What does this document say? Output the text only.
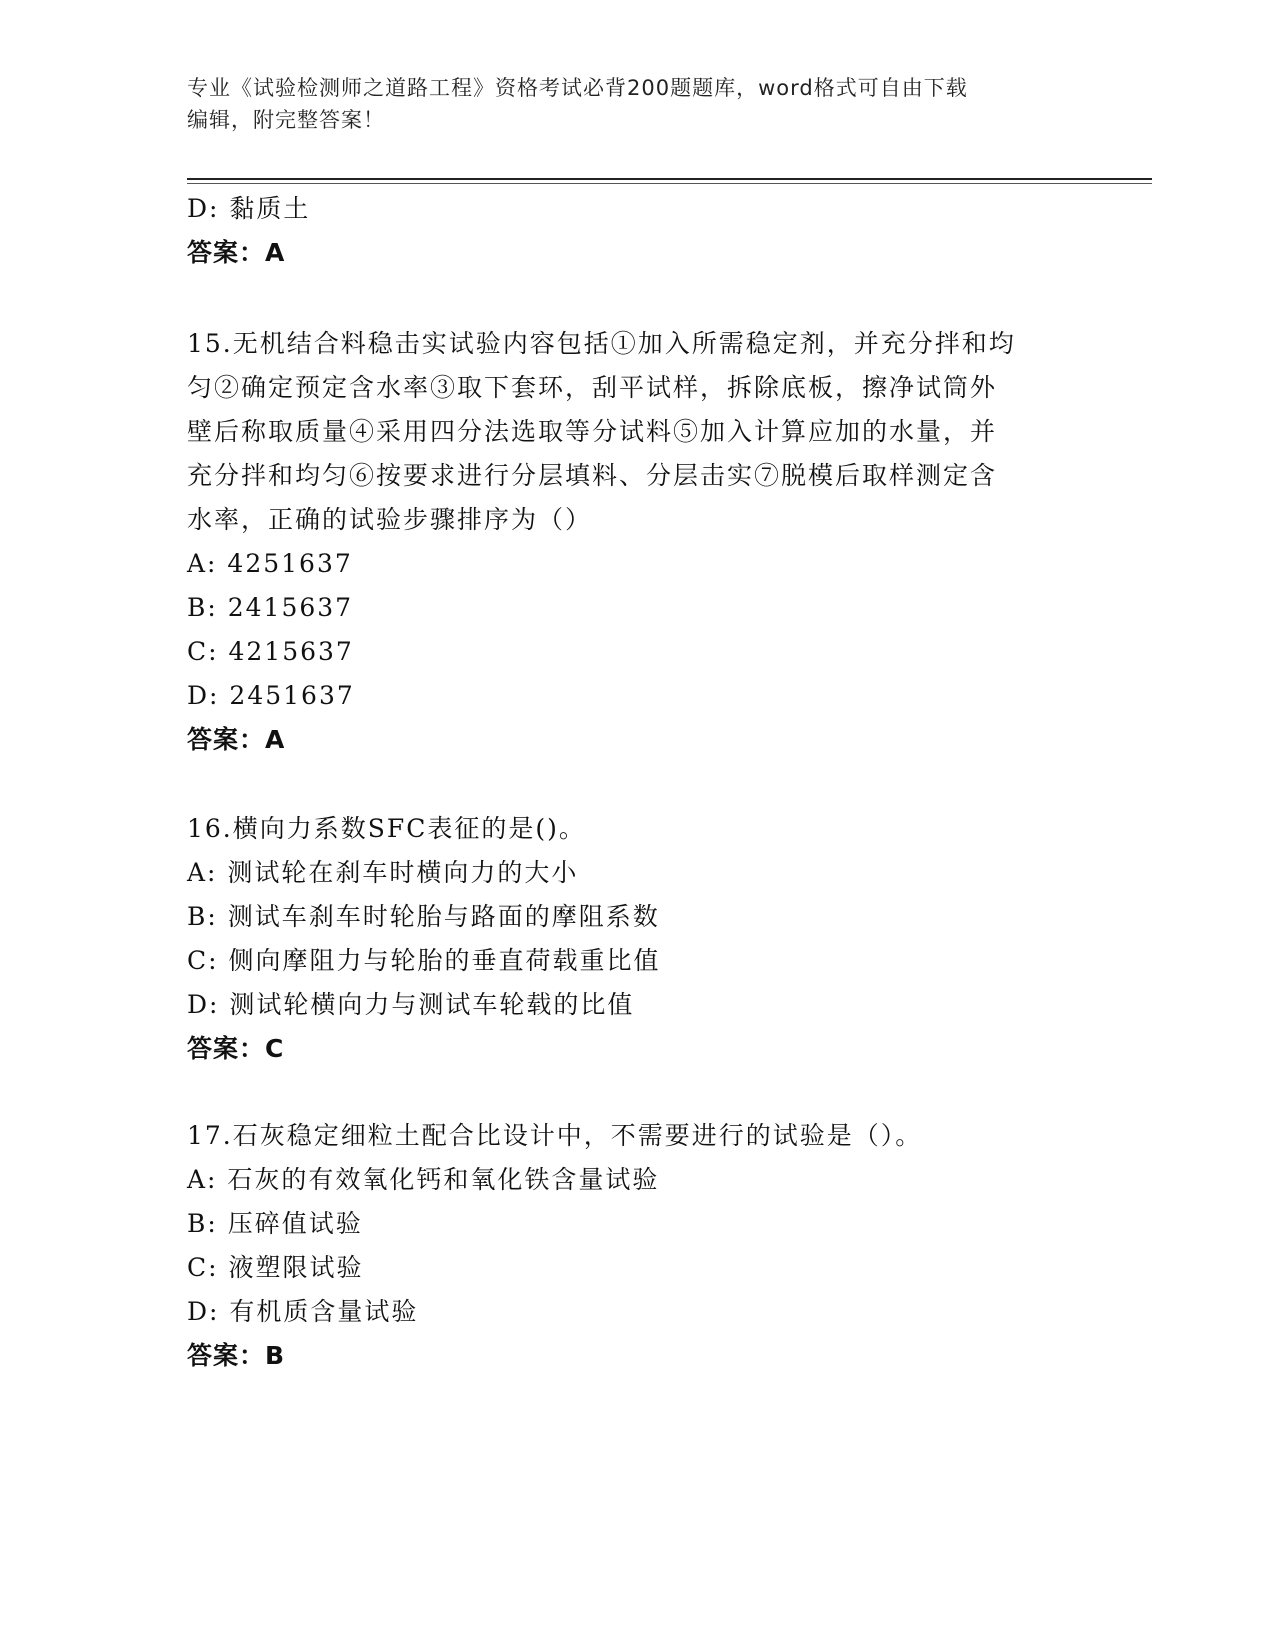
专业《试验检测师之道路工程》资格考试必背200题题库，word格式可自由下载
编辑，附完整答案！
D: 黏质土
答案：A
15.无机结合料稳击实试验内容包括①加入所需稳定剂，并充分拌和均
匀②确定预定含水率③取下套环，刮平试样，拆除底板，擦净试筒外
壁后称取质量④采用四分法选取等分试料⑤加入计算应加的水量，并
充分拌和均匀⑥按要求进行分层填料、分层击实⑦脱模后取样测定含
水率，正确的试验步骤排序为（）
A: 4251637
B: 2415637
C: 4215637
D: 2451637
答案：A
16.横向力系数SFC表征的是()。
A: 测试轮在刹车时横向力的大小
B: 测试车刹车时轮胎与路面的摩阻系数
C: 侧向摩阻力与轮胎的垂直荷载重比值
D: 测试轮横向力与测试车轮载的比值
答案：C
17.石灰稳定细粒土配合比设计中，不需要进行的试验是（）。
A: 石灰的有效氧化钙和氧化铁含量试验
B: 压碎值试验
C: 液塑限试验
D: 有机质含量试验
答案：B
